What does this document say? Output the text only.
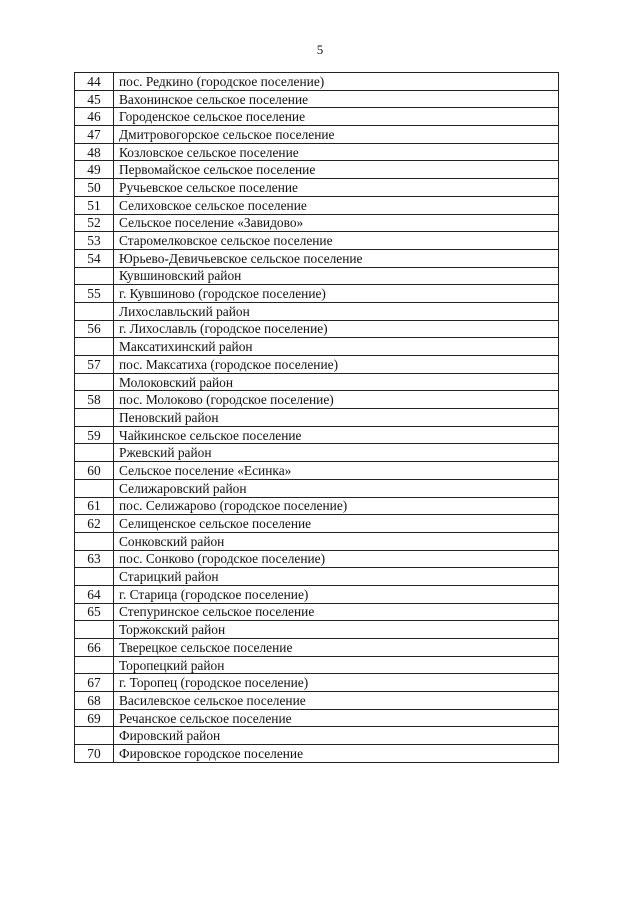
5
44	пос. Редкино (городское поселение)
45	Вахонинское сельское поселение
46	Городенское сельское поселение
47	Дмитровогорское сельское поселение
48	Козловское сельское поселение
49	Первомайское сельское поселение
50	Ручьевское сельское поселение
51	Селиховское сельское поселение
52	Сельское поселение «Завидово»
53	Старомелковское сельское поселение
54	Юрьево-Девичьевское сельское поселение
	Кувшиновский район
55	г. Кувшиново (городское поселение)
	Лихославльский район
56	г. Лихославль (городское поселение)
	Максатихинский район
57	пос. Максатиха (городское поселение)
	Молоковский район
58	пос. Молоково (городское поселение)
	Пеновский район
59	Чайкинское сельское поселение
	Ржевский район
60	Сельское поселение «Есинка»
	Селижаровский район
61	пос. Селижарово (городское поселение)
62	Селищенское сельское поселение
	Сонковский район
63	пос. Сонково (городское поселение)
	Старицкий район
64	г. Старица (городское поселение)
65	Степуринское сельское поселение
	Торжокский район
66	Тверецкое сельское поселение
	Торопецкий район
67	г. Торопец (городское поселение)
68	Василевское сельское поселение
69	Речанское сельское поселение
	Фировский район
70	Фировское городское поселение
